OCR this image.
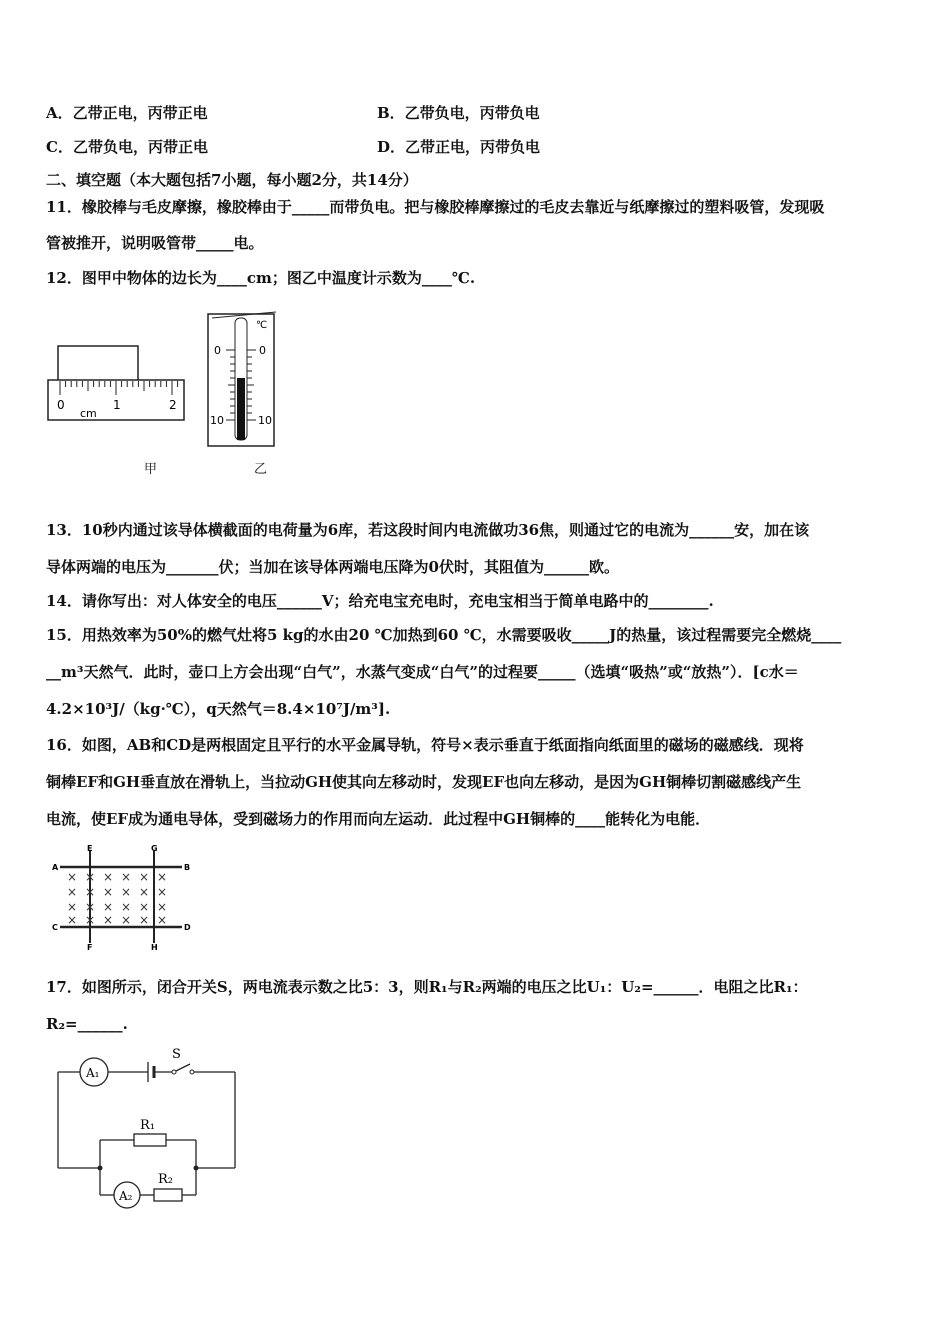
A．乙带正电，丙带正电	B．乙带负电，丙带负电
C．乙带负电，丙带正电	D．乙带正电，丙带负电
二、填空题（本大题包括7小题，每小题2分，共14分）
11．橡胶棒与毛皮摩擦，橡胶棒由于_____而带负电。把与橡胶棒摩擦过的毛皮去靠近与纸摩擦过的塑料吸管，发现吸
管被推开，说明吸管带_____电。
12．图甲中物体的边长为____cm；图乙中温度计示数为____℃.
0	1	2
cm
甲
℃
0
10
0
10
乙
13．10秒内通过该导体横截面的电荷量为6库，若这段时间内电流做功36焦，则通过它的电流为______安，加在该
导体两端的电压为_______伏；当加在该导体两端电压降为0伏时，其阻值为______欧。
14．请你写出：对人体安全的电压______V；给充电宝充电时，充电宝相当于简单电路中的________.
15．用热效率为50%的燃气灶将5 kg的水由20 ℃加热到60 ℃，水需要吸收_____J的热量，该过程需要完全燃烧____
__m³天然气．此时，壶口上方会出现“白气”，水蒸气变成“白气”的过程要_____（选填“吸热”或“放热”）．[c水＝
4.2×10³J/（kg·℃），q天然气＝8.4×10⁷J/m³].
16．如图，AB和CD是两根固定且平行的水平金属导轨，符号×表示垂直于纸面指向纸面里的磁场的磁感线．现将
铜棒EF和GH垂直放在滑轨上，当拉动GH使其向左移动时，发现EF也向左移动，是因为GH铜棒切割磁感线产生
电流，使EF成为通电导体，受到磁场力的作用而向左运动．此过程中GH铜棒的____能转化为电能．
× × × × × ×
× × × × × ×
× × × × × ×
× × × × × ×
A	B
C	D
E
F
G
H
17．如图所示，闭合开关S，两电流表示数之比5：3，则R₁与R₂两端的电压之比U₁：U₂=______．电阻之比R₁：
R₂=______.
A₁
S
R₁
A₂
R₂
